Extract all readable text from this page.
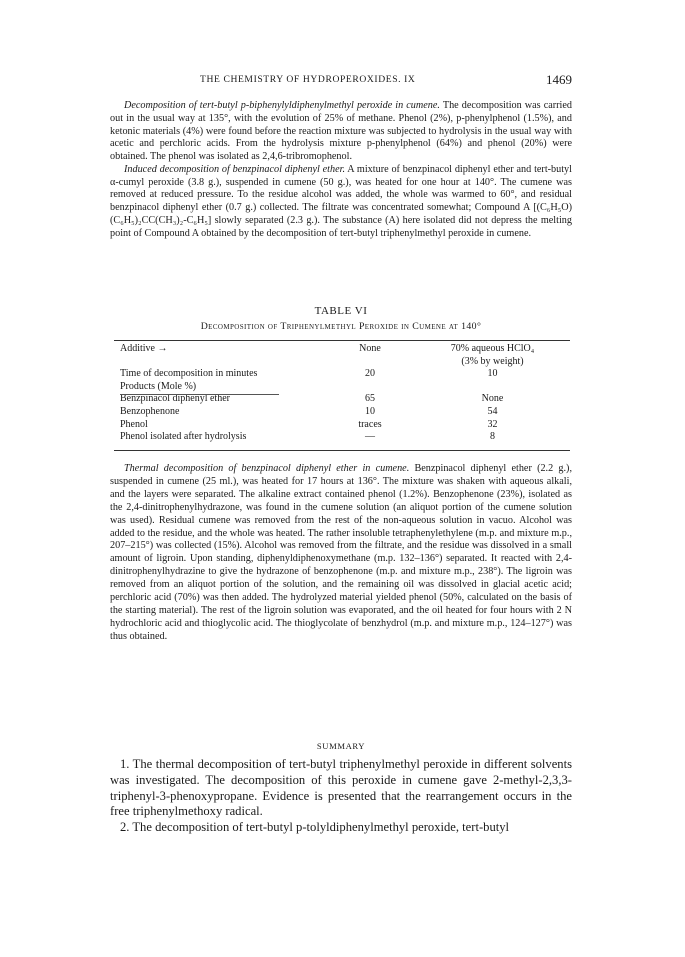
THE CHEMISTRY OF HYDROPEROXIDES. IX	1469

Decomposition of tert-butyl p-biphenylyldiphenylmethyl peroxide in cumene. The decomposition was carried out in the usual way at 135°, with the evolution of 25% of methane. Phenol (2%), p-phenylphenol (1.5%), and ketonic materials (4%) were found before the reaction mixture was subjected to hydrolysis in the usual way with acetic and perchloric acids. From the hydrolysis mixture p-phenylphenol (64%) and phenol (20%) were obtained. The phenol was isolated as 2,4,6-tribromophenol.

Induced decomposition of benzpinacol diphenyl ether. A mixture of benzpinacol diphenyl ether and tert-butyl α-cumyl peroxide (3.8 g.), suspended in cumene (50 g.), was heated for one hour at 140°. The cumene was removed at reduced pressure. To the residue alcohol was added, the whole was warmed to 60°, and residual benzpinacol diphenyl ether (0.7 g.) collected. The filtrate was concentrated somewhat; Compound A [(C₆H₅O)(C₆H₅)₂CC(CH₃)₂-C₆H₅] slowly separated (2.3 g.). The substance (A) here isolated did not depress the melting point of Compound A obtained by the decomposition of tert-butyl triphenylmethyl peroxide in cumene.

TABLE VI
Decomposition of Triphenylmethyl Peroxide in Cumene at 140°
Additive →	None	70% aqueous HClO₄
(3% by weight)
Time of decomposition in minutes	20	10
Products (Mole %)		
Benzpinacol diphenyl ether	65	None
Benzophenone	10	54
Phenol	traces	32
Phenol isolated after hydrolysis	—	8

Thermal decomposition of benzpinacol diphenyl ether in cumene. Benzpinacol diphenyl ether (2.2 g.), suspended in cumene (25 ml.), was heated for 17 hours at 136°. The mixture was shaken with aqueous alkali, and the layers were separated. The alkaline extract contained phenol (1.2%). Benzophenone (23%), isolated as the 2,4-dinitrophenylhydrazone, was found in the cumene solution (an aliquot portion of the cumene solution was used). Residual cumene was removed from the rest of the non-aqueous solution in vacuo. Alcohol was added to the residue, and the whole was heated. The rather insoluble tetraphenylethylene (m.p. and mixture m.p., 207–215°) was collected (15%). Alcohol was removed from the filtrate, and the residue was dissolved in a small amount of ligroin. Upon standing, diphenyldiphenoxymethane (m.p. 132–136°) separated. It reacted with 2,4-dinitrophenylhydrazine to give the hydrazone of benzophenone (m.p. and mixture m.p., 238°). The ligroin was removed from an aliquot portion of the solution, and the remaining oil was dissolved in glacial acetic acid; perchloric acid (70%) was then added. The hydrolyzed material yielded phenol (50%, calculated on the basis of the starting material). The rest of the ligroin solution was evaporated, and the oil heated for four hours with 2 N hydrochloric acid and thioglycolic acid. The thioglycolate of benzhydrol (m.p. and mixture m.p., 124–127°) was thus obtained.

SUMMARY

1. The thermal decomposition of tert-butyl triphenylmethyl peroxide in different solvents was investigated. The decomposition of this peroxide in cumene gave 2-methyl-2,3,3-triphenyl-3-phenoxypropane. Evidence is presented that the rearrangement occurs in the free triphenylmethoxy radical.

2. The decomposition of tert-butyl p-tolyldiphenylmethyl peroxide, tert-butyl
